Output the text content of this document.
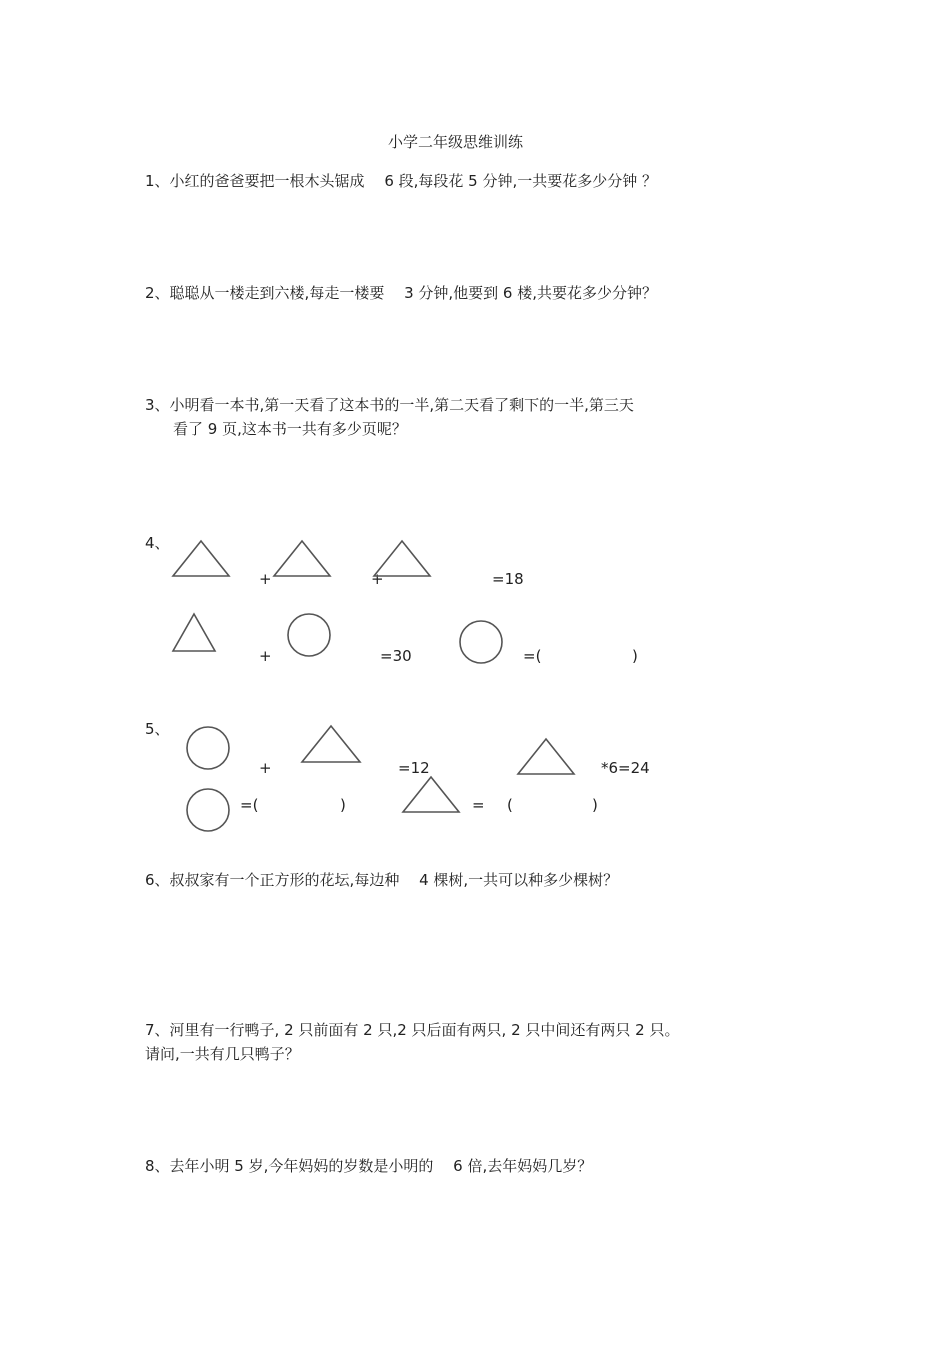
小学二年级思维训练
1、小红的爸爸要把一根木头锯成　 6 段,每段花 5 分钟,一共要花多少分钟 ？
2、聪聪从一楼走到六楼,每走一楼要　 3 分钟,他要到 6 楼,共要花多少分钟？
3、小明看一本书,第一天看了这本书的一半,第二天看了剩下的一半,第三天
看了 9 页,这本书一共有多少页呢？
4、
+	+	=18
+	=30	=(	)
5、
+	=12	*6=24
=(	)	= (	)
6、叔叔家有一个正方形的花坛,每边种　 4 棵树,一共可以种多少棵树？
7、河里有一行鸭子, 2 只前面有 2 只,2 只后面有两只, 2 只中间还有两只 2 只。
请问,一共有几只鸭子？
8、去年小明 5 岁,今年妈妈的岁数是小明的　 6 倍,去年妈妈几岁？
